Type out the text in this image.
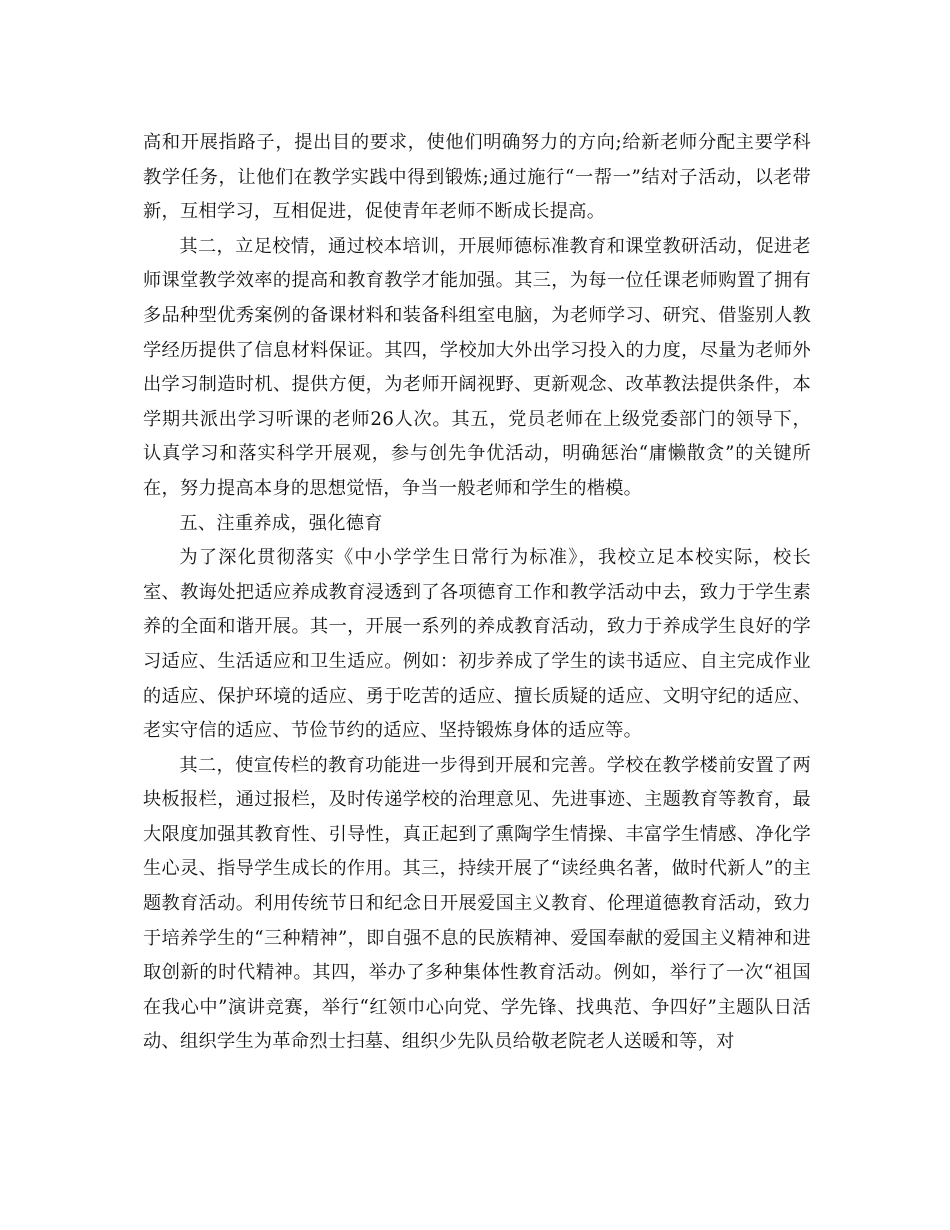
高和开展指路子，提出目的要求，使他们明确努力的方向;给新老师分配主要学科教学任务，让他们在教学实践中得到锻炼;通过施行“一帮一”结对子活动，以老带新，互相学习，互相促进，促使青年老师不断成长提高。

其二，立足校情，通过校本培训，开展师德标准教育和课堂教研活动，促进老师课堂教学效率的提高和教育教学才能加强。其三，为每一位任课老师购置了拥有多品种型优秀案例的备课材料和装备科组室电脑，为老师学习、研究、借鉴别人教学经历提供了信息材料保证。其四，学校加大外出学习投入的力度，尽量为老师外出学习制造时机、提供方便，为老师开阔视野、更新观念、改革教法提供条件，本学期共派出学习听课的老师26人次。其五，党员老师在上级党委部门的领导下，认真学习和落实科学开展观，参与创先争优活动，明确惩治“庸懒散贪”的关键所在，努力提高本身的思想觉悟，争当一般老师和学生的楷模。

五、注重养成，强化德育

为了深化贯彻落实《中小学学生日常行为标准》，我校立足本校实际，校长室、教诲处把适应养成教育浸透到了各项德育工作和教学活动中去，致力于学生素养的全面和谐开展。其一，开展一系列的养成教育活动，致力于养成学生良好的学习适应、生活适应和卫生适应。例如：初步养成了学生的读书适应、自主完成作业的适应、保护环境的适应、勇于吃苦的适应、擅长质疑的适应、文明守纪的适应、老实守信的适应、节俭节约的适应、坚持锻炼身体的适应等。

其二，使宣传栏的教育功能进一步得到开展和完善。学校在教学楼前安置了两块板报栏，通过报栏，及时传递学校的治理意见、先进事迹、主题教育等教育，最大限度加强其教育性、引导性，真正起到了熏陶学生情操、丰富学生情感、净化学生心灵、指导学生成长的作用。其三，持续开展了“读经典名著，做时代新人”的主题教育活动。利用传统节日和纪念日开展爱国主义教育、伦理道德教育活动，致力于培养学生的“三种精神”，即自强不息的民族精神、爱国奉献的爱国主义精神和进取创新的时代精神。其四，举办了多种集体性教育活动。例如，举行了一次“祖国在我心中”演讲竞赛，举行“红领巾心向党、学先锋、找典范、争四好”主题队日活动、组织学生为革命烈士扫墓、组织少先队员给敬老院老人送暖和等，对
